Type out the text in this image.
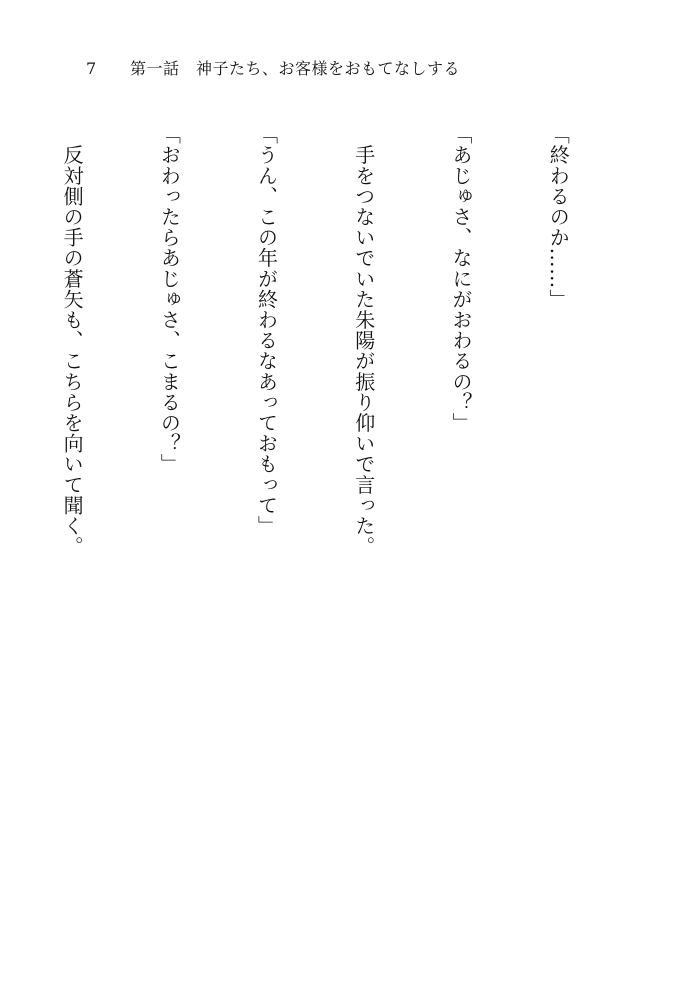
7 第一話　神子たち、お客様をおもてなしする

「終わるのか……」

「あじゅさ、なにがおわるの？」

　手をつないでいた朱陽が振り仰いで言った。

「うん、この年が終わるなあっておもって」

「おわったらあじゅさ、こまるの？」

　反対側の手の蒼矢も、こちらを向いて聞く。
